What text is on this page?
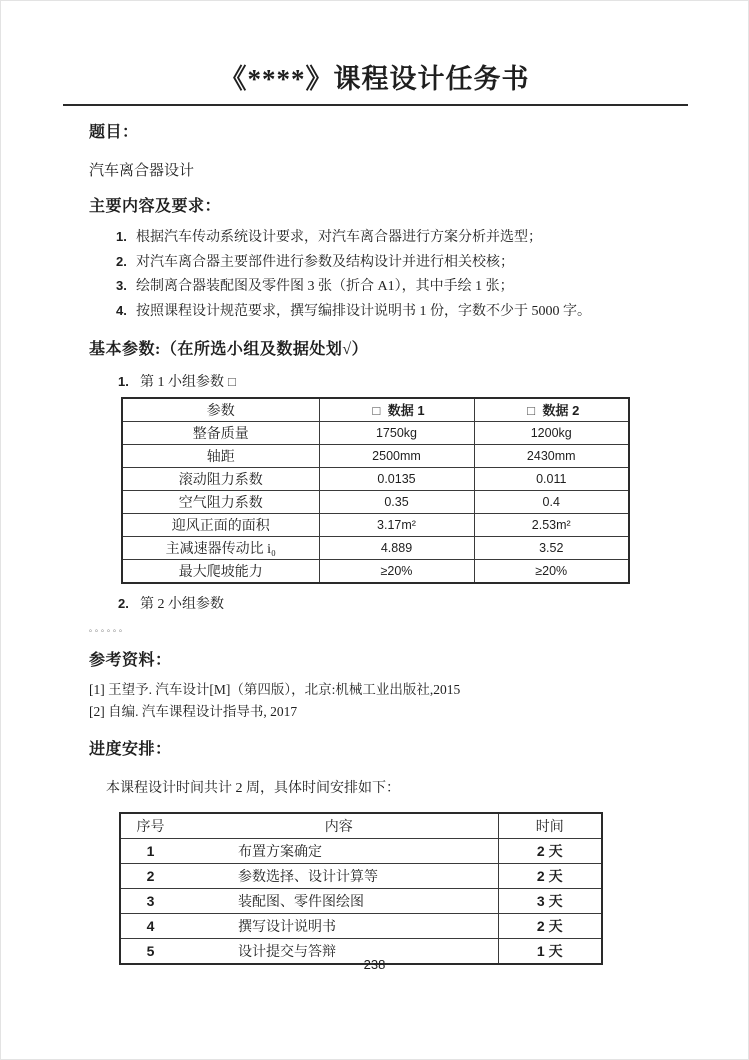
《****》课程设计任务书
题目：
汽车离合器设计
主要内容及要求：
1. 根据汽车传动系统设计要求，对汽车离合器进行方案分析并选型；
2. 对汽车离合器主要部件进行参数及结构设计并进行相关校核；
3. 绘制离合器装配图及零件图 3 张（折合 A1），其中手绘 1 张；
4. 按照课程设计规范要求，撰写编排设计说明书 1 份，字数不少于 5000 字。
基本参数:（在所选小组及数据处划√）
1. 第 1 小组参数 □
参数	□ 数据 1	□ 数据 2
整备质量	1750kg	1200kg
轴距	2500mm	2430mm
滚动阻力系数	0.0135	0.011
空气阻力系数	0.35	0.4
迎风正面的面积	3.17m²	2.53m²
主减速器传动比 i₀	4.889	3.52
最大爬坡能力	≥20%	≥20%
2. 第 2 小组参数
。。。。。。
参考资料：
[1] 王望予. 汽车设计[M]（第四版），北京:机械工业出版社,2015
[2] 自编. 汽车课程设计指导书, 2017
进度安排：
本课程设计时间共计 2 周，具体时间安排如下：
序号	内容	时间
1	布置方案确定	2 天
2	参数选择、设计计算等	2 天
3	装配图、零件图绘图	3 天
4	撰写设计说明书	2 天
5	设计提交与答辩	1 天
238
